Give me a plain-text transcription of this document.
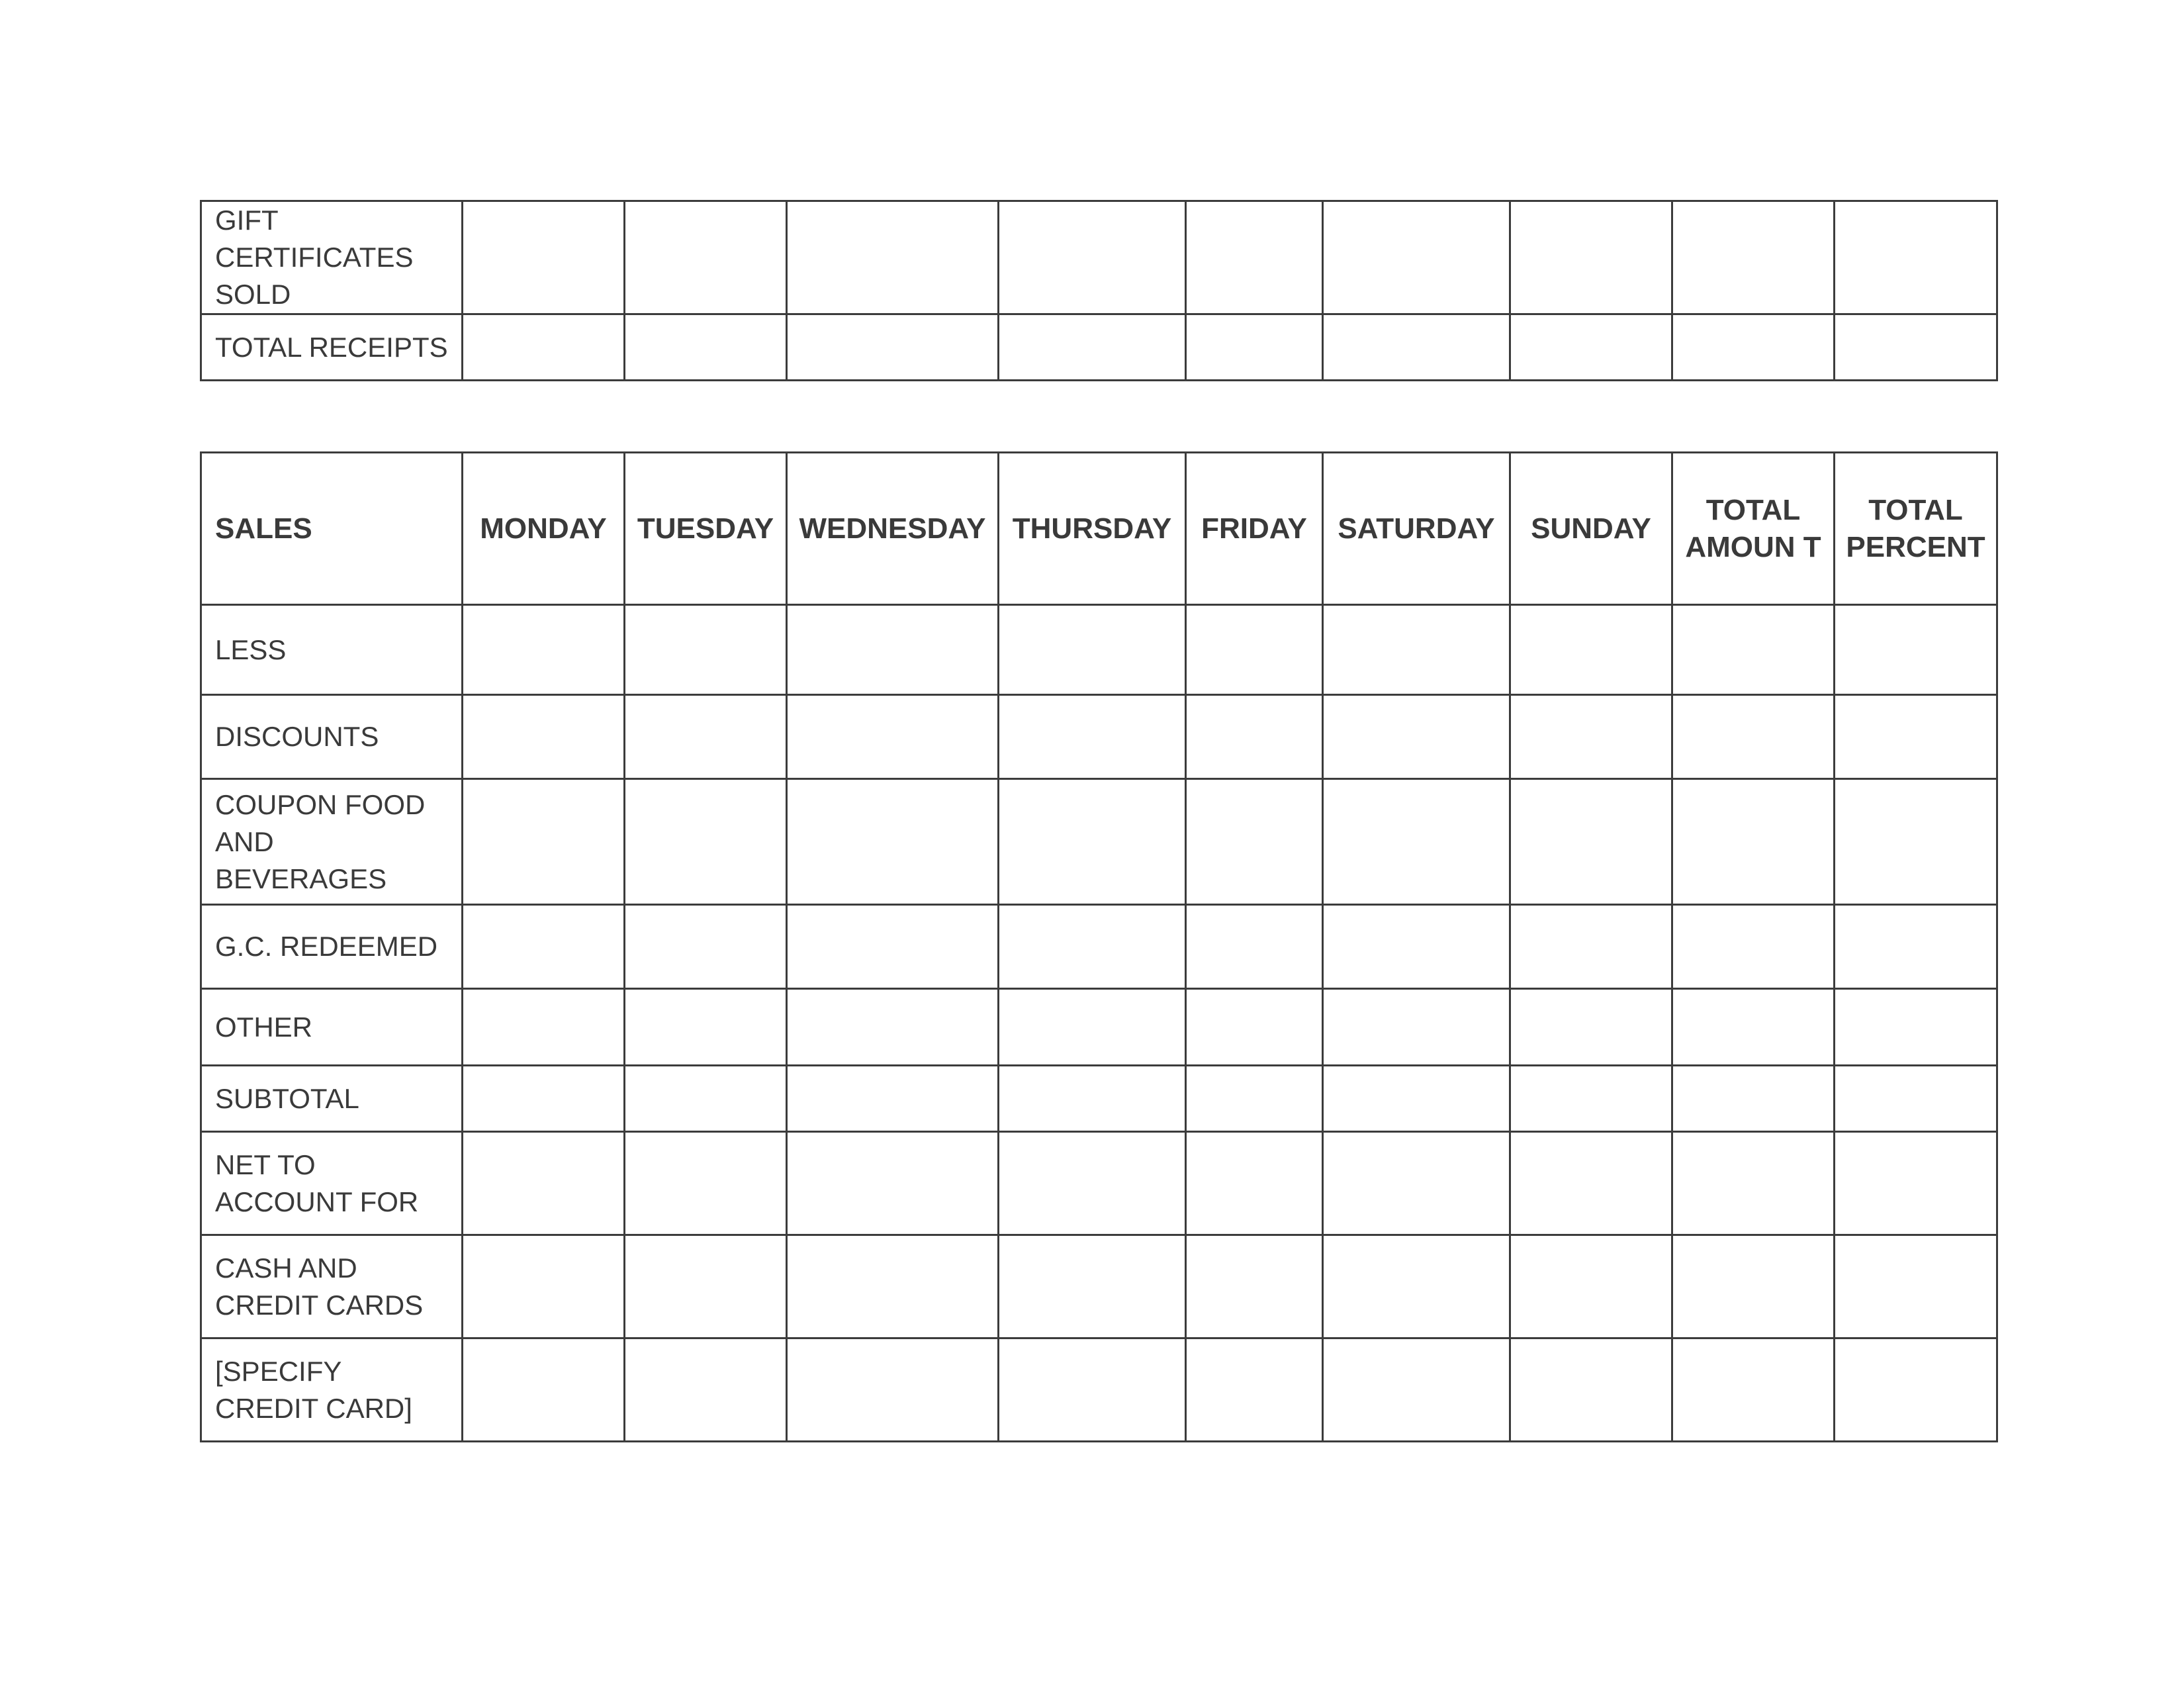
GIFT CERTIFICATES SOLD									
TOTAL RECEIPTS									
SALES	MONDAY	TUESDAY	WEDNESDAY	THURSDAY	FRIDAY	SATURDAY	SUNDAY	TOTAL AMOUN T	TOTAL PERCENT
LESS									
DISCOUNTS									
COUPON FOOD AND BEVERAGES									
G.C. REDEEMED									
OTHER									
SUBTOTAL									
NET TO ACCOUNT FOR									
CASH AND CREDIT CARDS									
[SPECIFY CREDIT CARD]									
